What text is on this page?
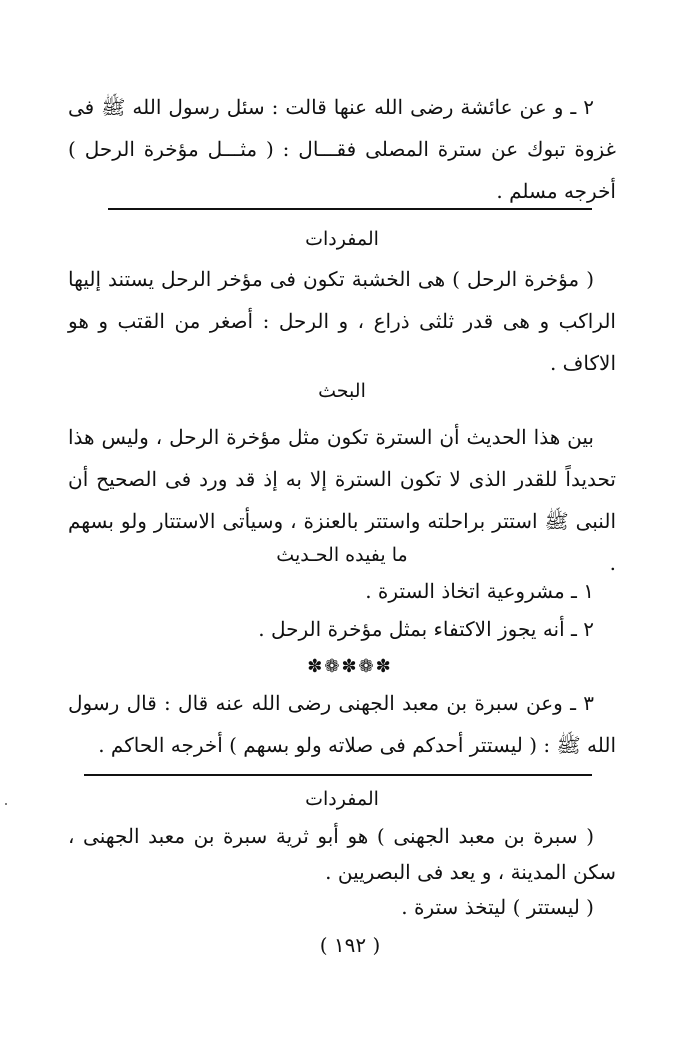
٢ ـ و عن عائشة رضى الله عنها قالت : سئل رسول الله ﷺ فى غزوة تبوك عن سترة المصلى فقـــال : ( مثـــل مؤخرة الرحل ) أخرجه مسلم .

المفردات

( مؤخرة الرحل ) هى الخشبة تكون فى مؤخر الرحل يستند إليها الراكب و هى قدر ثلثى ذراع ، و الرحل : أصغر من القتب و هو الاكاف .

البحث

بين هذا الحديث أن السترة تكون مثل مؤخرة الرحل ، وليس هذا تحديداً للقدر الذى لا تكون السترة إلا به إذ قد ورد فى الصحيح أن النبى ﷺ استتر براحلته واستتر بالعنزة ، وسيأتى الاستتار ولو بسهم .

ما يفيده الحـديث

١ ـ مشروعية اتخاذ السترة .

٢ ـ أنه يجوز الاكتفاء بمثل مؤخرة الرحل .

✽❁✽❁✽

٣ ـ وعن سبرة بن معبد الجهنى رضى الله عنه قال : قال رسول الله ﷺ : ( ليستتر أحدكم فى صلاته ولو بسهم ) أخرجه الحاكم .

المفردات

( سبرة بن معبد الجهنى ) هو أبو ثرية سبرة بن معبد الجهنى ، سكن المدينة ، و يعد فى البصريين .

( ليستتر ) ليتخذ سترة .

( ١٩٢ )
